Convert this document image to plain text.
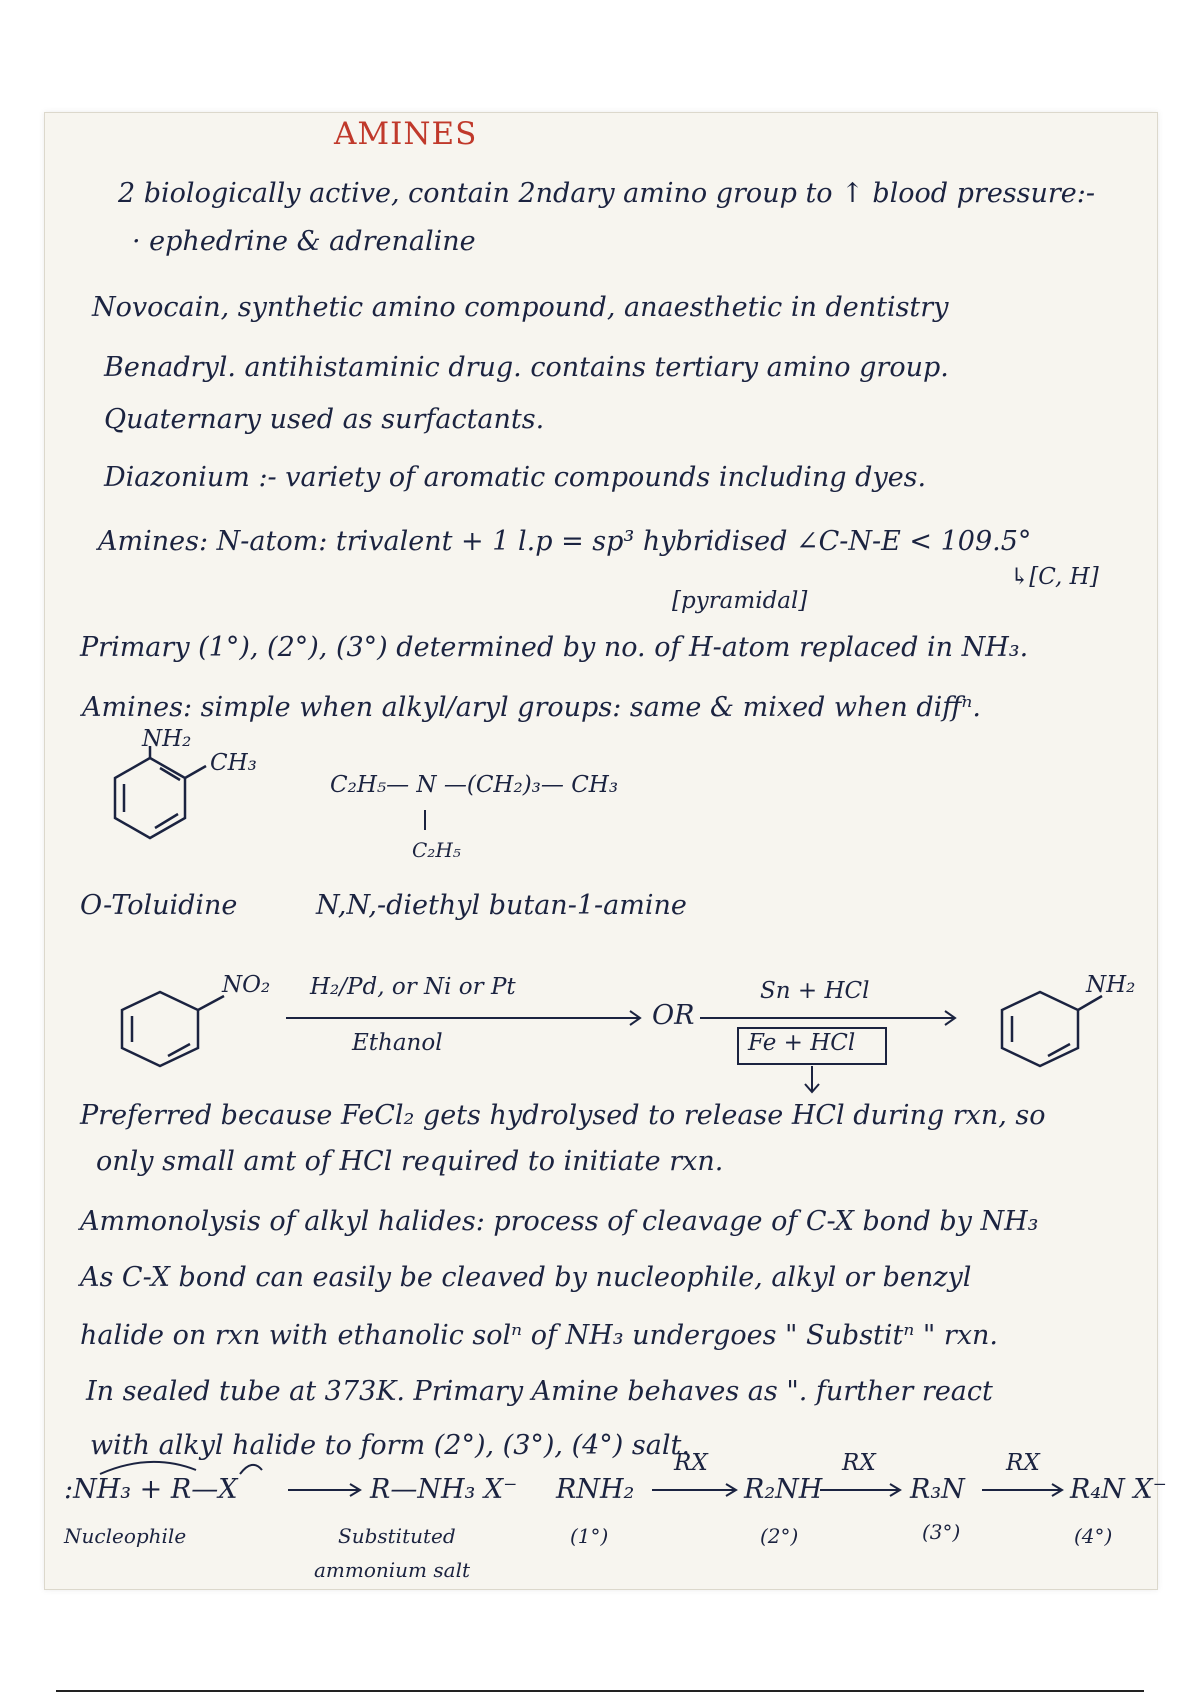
AMINES
2 biologically active, contain 2ndary amino group to ↑ blood pressure:-
· ephedrine & adrenaline
Novocain, synthetic amino compound, anaesthetic in dentistry
Benadryl. antihistaminic drug. contains tertiary amino group.
Quaternary used as surfactants.
Diazonium :- variety of aromatic compounds including dyes.
Amines: N-atom: trivalent + 1 l.p = sp³ hybridised ∠C-N-E < 109.5°
↳[C, H]
[pyramidal]
Primary (1°), (2°), (3°) determined by no. of H-atom replaced in NH₃.
Amines: simple when alkyl/aryl groups: same & mixed when diffⁿ.
NH₂
CH₃
O-Toluidine
C₂H₅— N —(CH₂)₃— CH₃
C₂H₅
N,N,-diethyl butan-1-amine
NO₂ H₂/Pd, or Ni or Pt
Ethanol
OR
Sn + HCl
Fe + HCl
NH₂
Preferred because FeCl₂ gets hydrolysed to release HCl during rxn, so
only small amt of HCl required to initiate rxn.
Ammonolysis of alkyl halides: process of cleavage of C-X bond by NH₃
As C-X bond can easily be cleaved by nucleophile, alkyl or benzyl
halide on rxn with ethanolic solⁿ of NH₃ undergoes " Substitⁿ " rxn.
In sealed tube at 373K. Primary Amine behaves as ". further react
with alkyl halide to form (2°), (3°), (4°) salt.
:NH₃ + R—X	R—NH₃ X⁻
Nucleophile	Substituted
ammonium salt
RNH₂
RX
R₂NH
RX
R₃N
RX
R₄N X⁻
(1°)	(2°)	(3°)	(4°)
